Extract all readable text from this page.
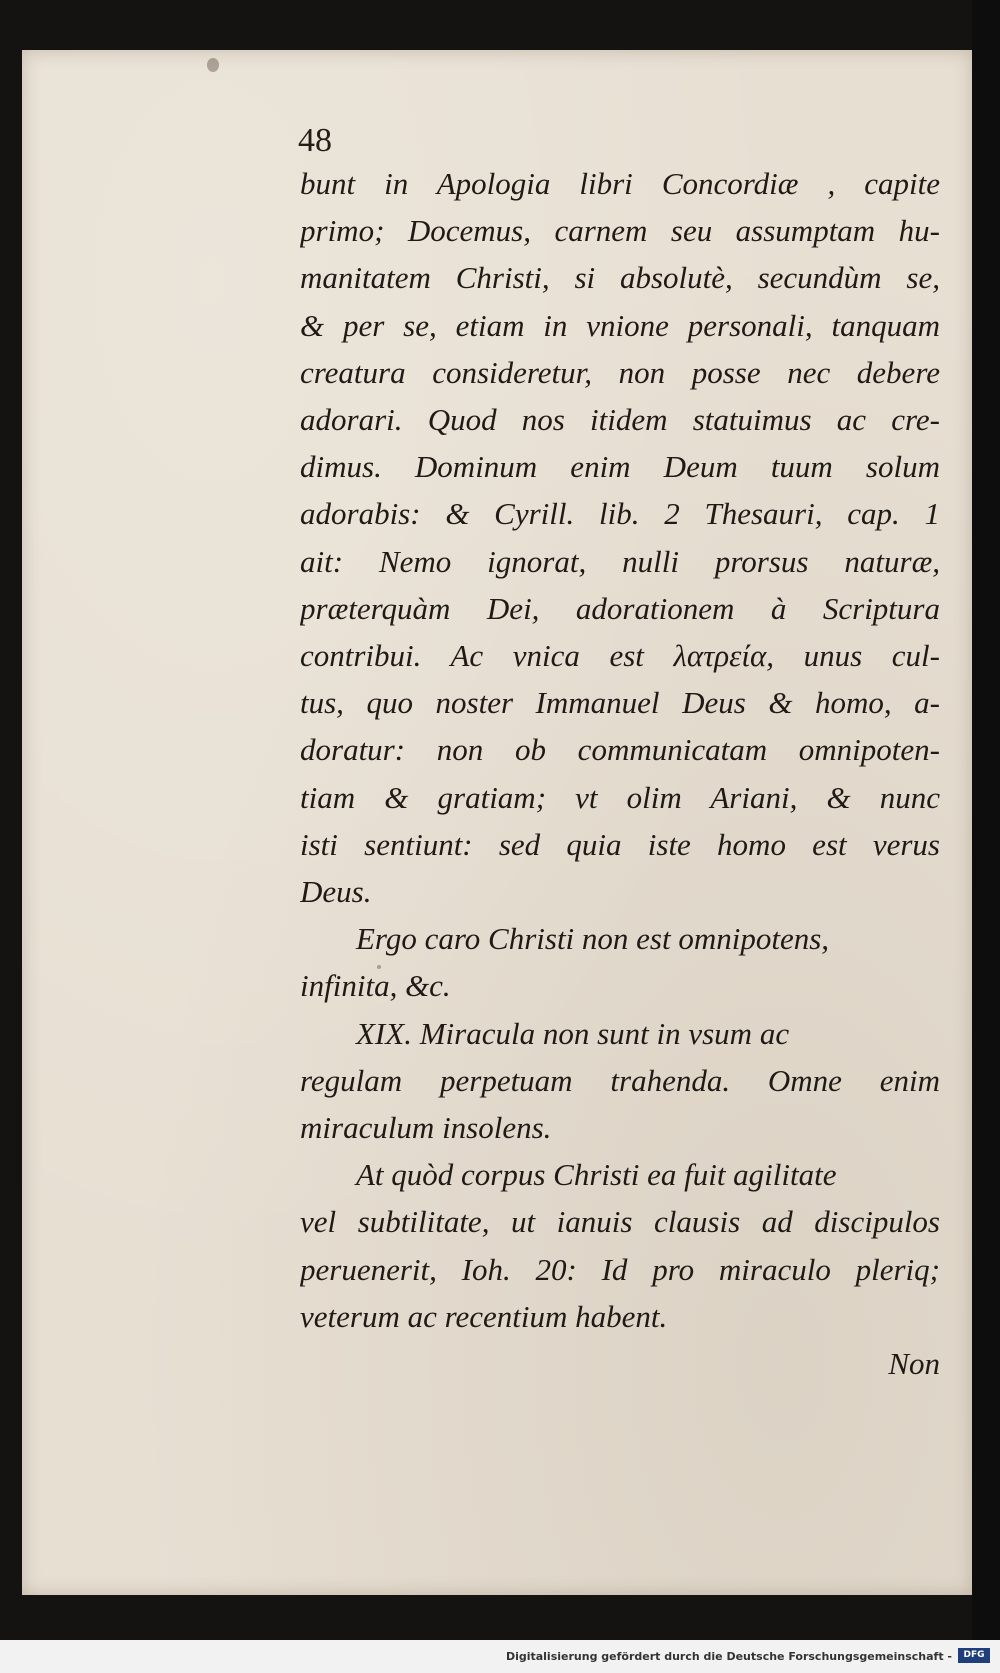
48
bunt in Apologia libri Concordiæ , capite
primo; Docemus, carnem seu assumptam hu-
manitatem Christi, si absolutè, secundùm se,
& per se, etiam in vnione personali, tanquam
creatura consideretur, non posse nec debere
adorari. Quod nos itidem statuimus ac cre-
dimus. Dominum enim Deum tuum solum
adorabis: & Cyrill. lib. 2 Thesauri, cap. 1
ait: Nemo ignorat, nulli prorsus naturæ,
præterquàm Dei, adorationem à Scriptura
contribui. Ac vnica est λατρεία, unus cul-
tus, quo noster Immanuel Deus & homo, a-
doratur: non ob communicatam omnipoten-
tiam & gratiam; vt olim Ariani, & nunc
isti sentiunt: sed quia iste homo est verus
Deus.
Ergo caro Christi non est omnipotens,
infinita, &c.
XIX. Miracula non sunt in vsum ac
regulam perpetuam trahenda. Omne enim
miraculum insolens.
At quòd corpus Christi ea fuit agilitate
vel subtilitate, ut ianuis clausis ad discipulos
peruenerit, Ioh. 20: Id pro miraculo pleriq;
veterum ac recentium habent.
Non
Digitalisierung gefördert durch die Deutsche Forschungsgemeinschaft -	DFG
